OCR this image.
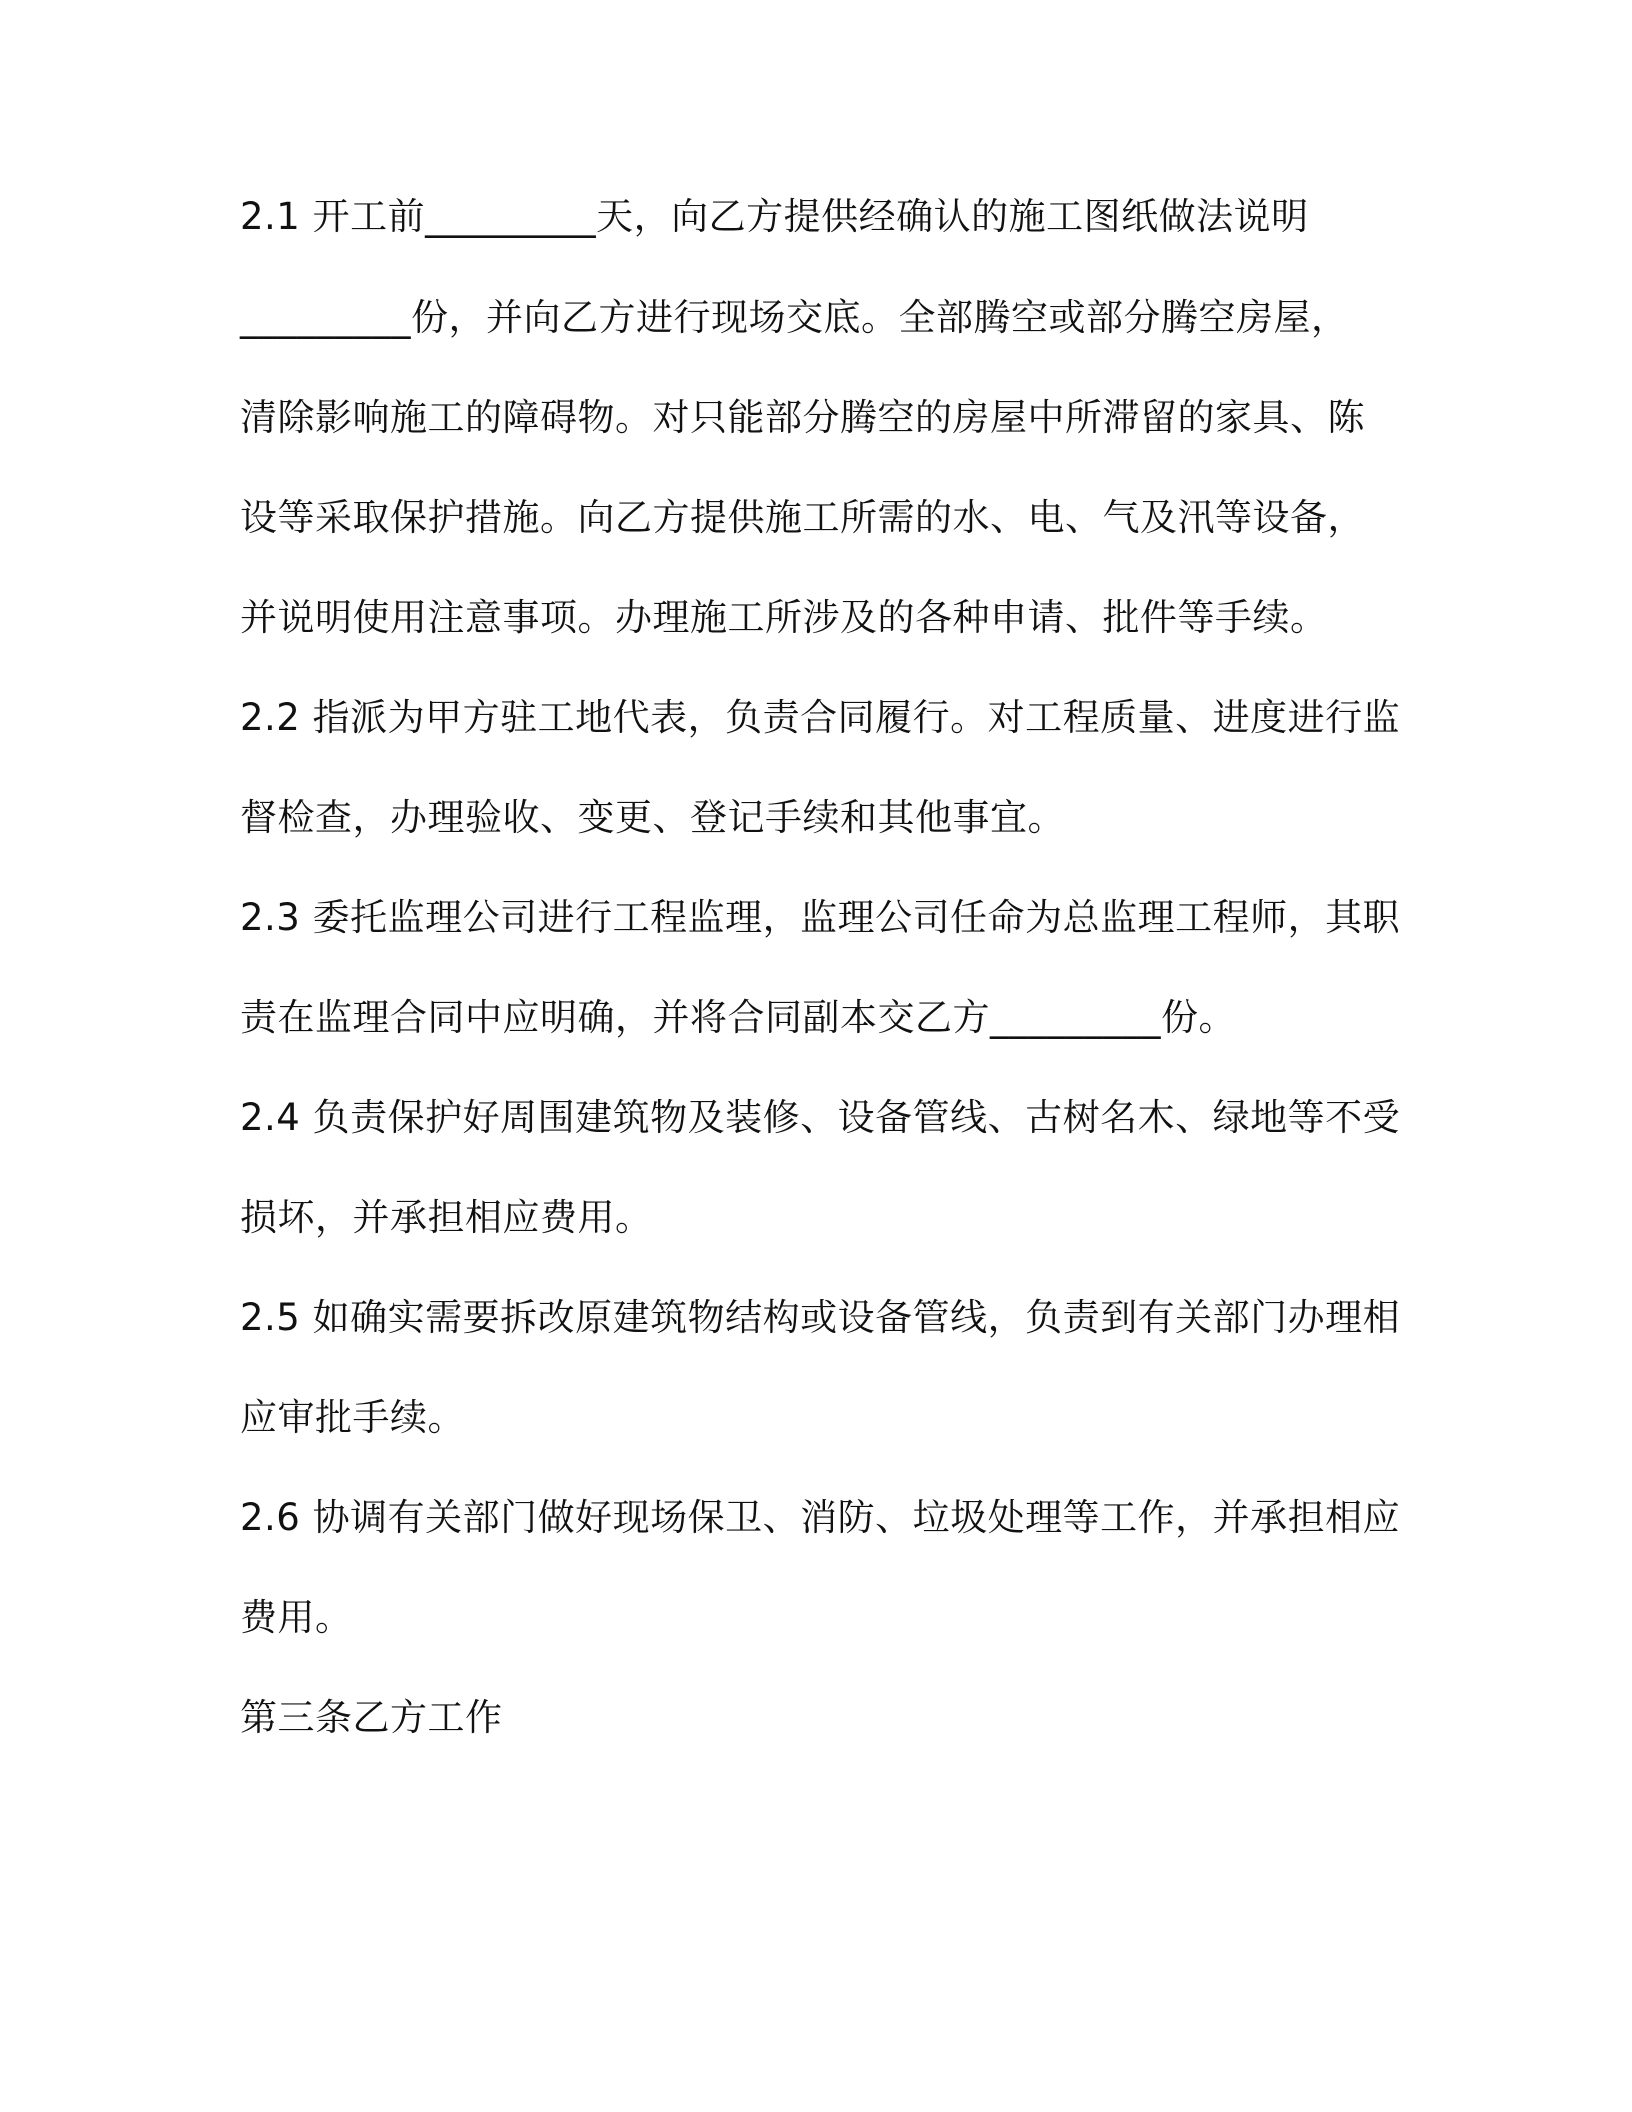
2.1 开工前_________天，向乙方提供经确认的施工图纸做法说明
_________份，并向乙方进行现场交底。全部腾空或部分腾空房屋，
清除影响施工的障碍物。对只能部分腾空的房屋中所滞留的家具、陈
设等采取保护措施。向乙方提供施工所需的水、电、气及汛等设备，
并说明使用注意事项。办理施工所涉及的各种申请、批件等手续。
2.2 指派为甲方驻工地代表，负责合同履行。对工程质量、进度进行监
督检查，办理验收、变更、登记手续和其他事宜。
2.3 委托监理公司进行工程监理，监理公司任命为总监理工程师，其职
责在监理合同中应明确，并将合同副本交乙方_________份。
2.4 负责保护好周围建筑物及装修、设备管线、古树名木、绿地等不受
损坏，并承担相应费用。
2.5 如确实需要拆改原建筑物结构或设备管线，负责到有关部门办理相
应审批手续。
2.6 协调有关部门做好现场保卫、消防、垃圾处理等工作，并承担相应
费用。
第三条乙方工作
